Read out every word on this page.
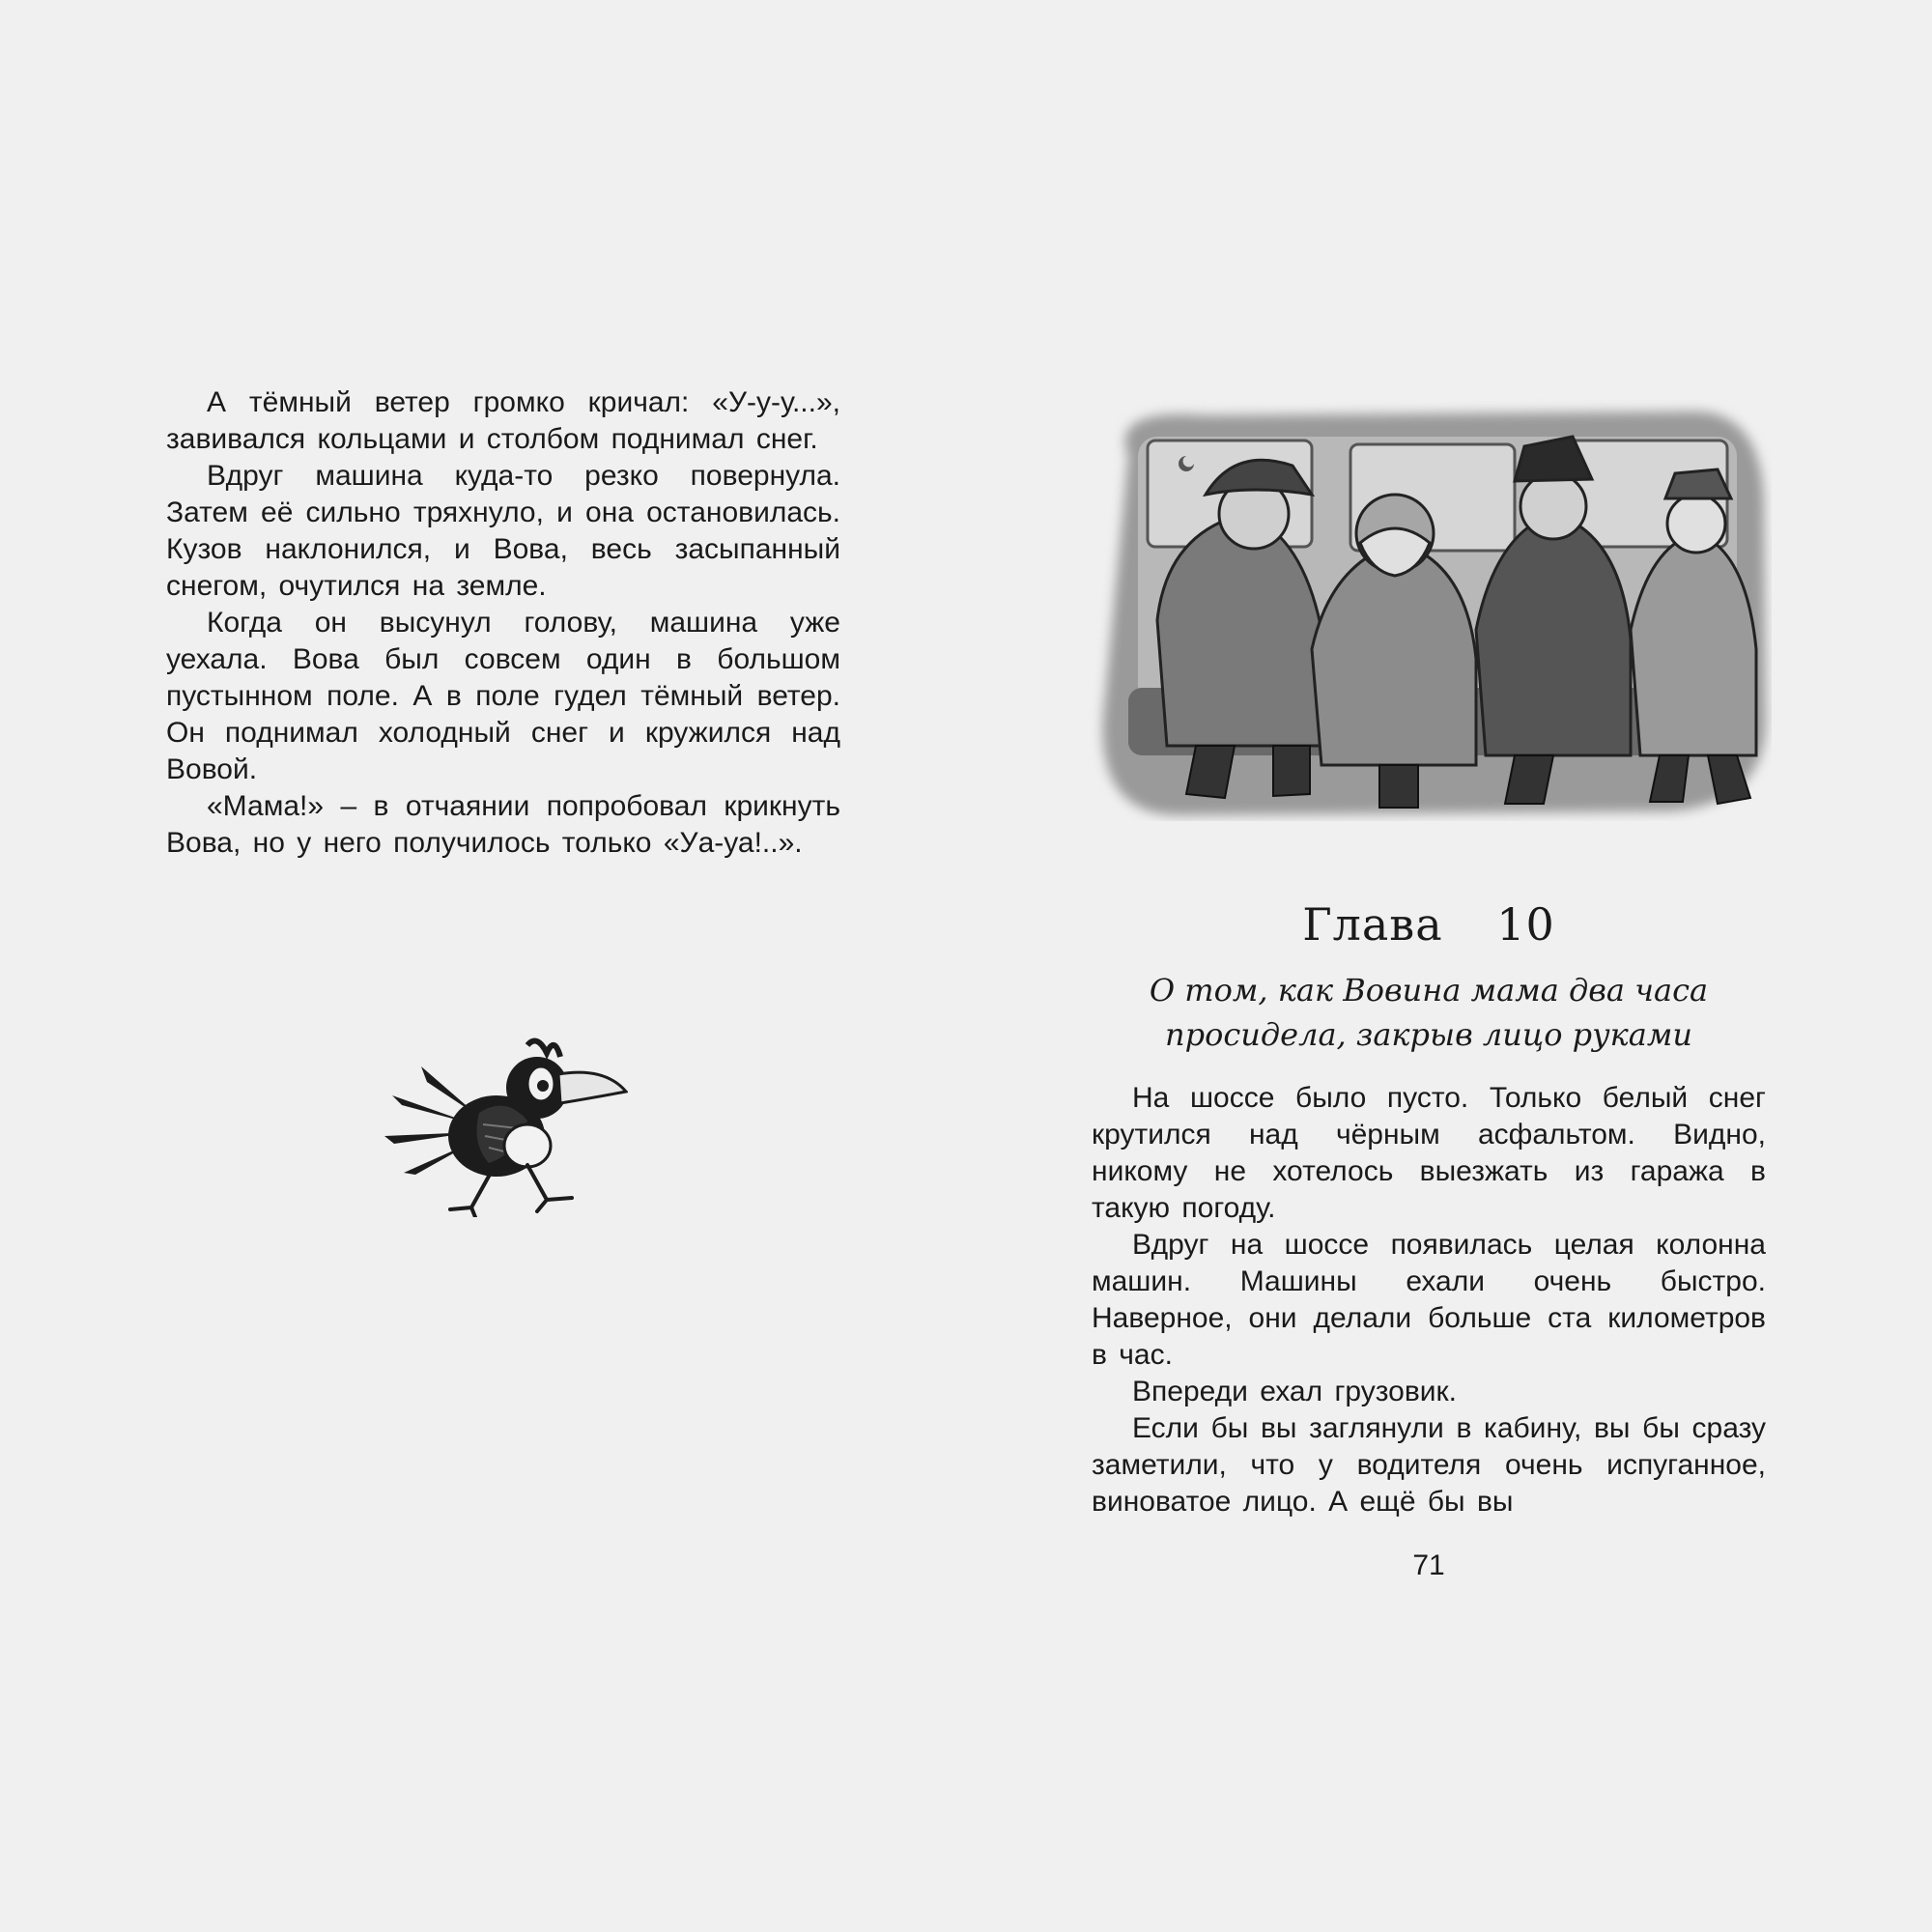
А тёмный ветер громко кричал: «У-у-у...», завивался кольцами и столбом поднимал снег.

Вдруг машина куда-то резко повернула. Затем её сильно тряхнуло, и она остановилась. Кузов наклонился, и Вова, весь засыпанный снегом, очутился на земле.

Когда он высунул голову, машина уже уехала. Вова был совсем один в большом пустынном поле. А в поле гудел тёмный ветер. Он поднимал холодный снег и кружился над Вовой.

«Мама!» – в отчаянии попробовал крикнуть Вова, но у него получилось только «Уа-уа!..».

Глава 10

О том, как Вовина мама два часа
просидела, закрыв лицо руками

На шоссе было пусто. Только белый снег крутился над чёрным асфальтом. Видно, никому не хотелось выезжать из гаража в такую погоду.

Вдруг на шоссе появилась целая колонна машин. Машины ехали очень быстро. Наверное, они делали больше ста километров в час.

Впереди ехал грузовик.

Если бы вы заглянули в кабину, вы бы сразу заметили, что у водителя очень испуганное, виноватое лицо. А ещё бы вы

71
